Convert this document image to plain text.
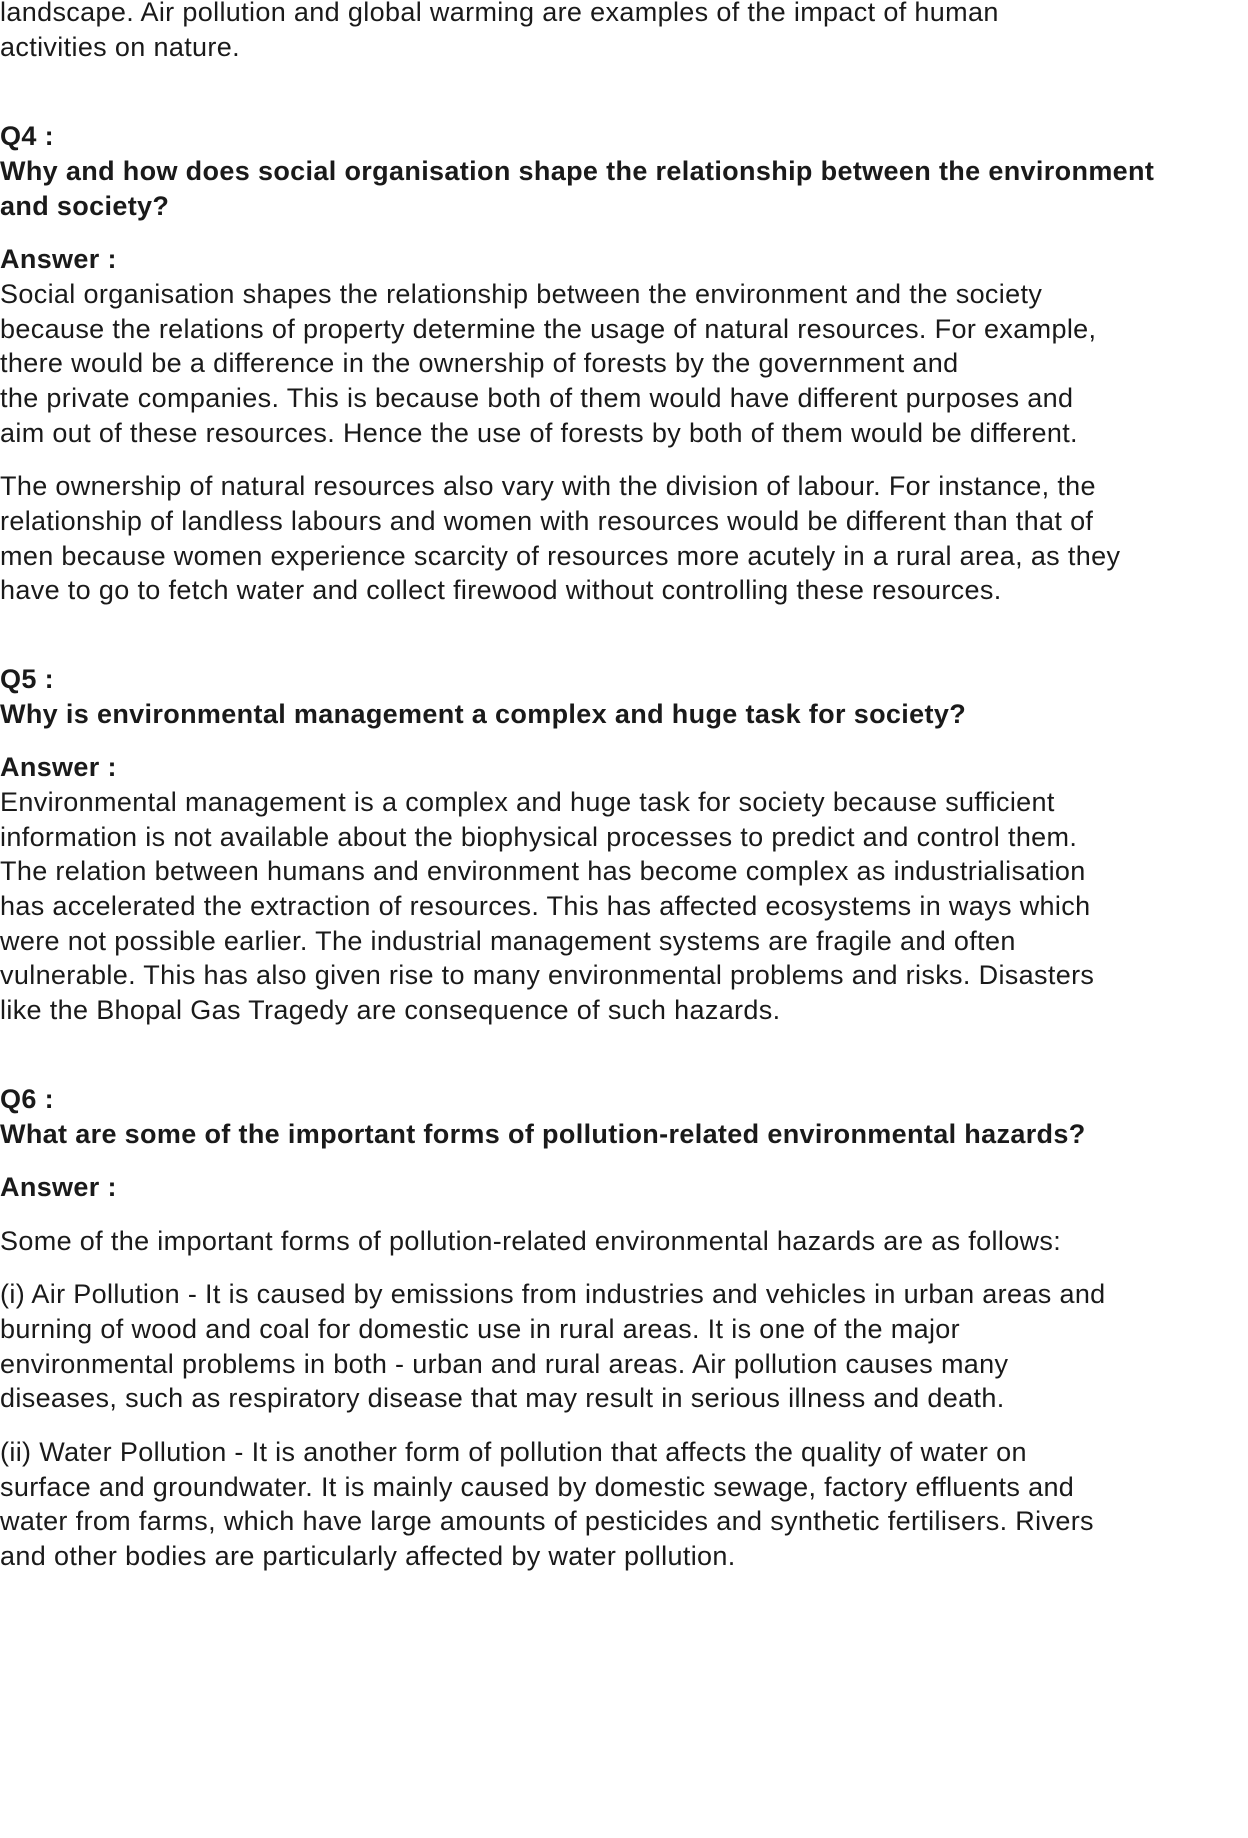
landscape. Air pollution and global warming are examples of the impact of human

activities on nature.

Q4 :

Why and how does social organisation shape the relationship between the environment

and society?

Answer :

Social organisation shapes the relationship between the environment and the society

because the relations of property determine the usage of natural resources. For example,

there would be a difference in the ownership of forests by the government and

the private companies. This is because both of them would have different purposes and

aim out of these resources. Hence the use of forests by both of them would be different.

The ownership of natural resources also vary with the division of labour. For instance, the

relationship of landless labours and women with resources would be different than that of

men because women experience scarcity of resources more acutely in a rural area, as they

have to go to fetch water and collect firewood without controlling these resources.

Q5 :

Why is environmental management a complex and huge task for society?

Answer :

Environmental management is a complex and huge task for society because sufficient

information is not available about the biophysical processes to predict and control them.

The relation between humans and environment has become complex as industrialisation

has accelerated the extraction of resources. This has affected ecosystems in ways which

were not possible earlier. The industrial management systems are fragile and often

vulnerable. This has also given rise to many environmental problems and risks. Disasters

like the Bhopal Gas Tragedy are consequence of such hazards.

Q6 :

What are some of the important forms of pollution-related environmental hazards?

Answer :

Some of the important forms of pollution-related environmental hazards are as follows:

(i) Air Pollution - It is caused by emissions from industries and vehicles in urban areas and

burning of wood and coal for domestic use in rural areas. It is one of the major

environmental problems in both - urban and rural areas. Air pollution causes many

diseases, such as respiratory disease that may result in serious illness and death.

(ii) Water Pollution - It is another form of pollution that affects the quality of water on

surface and groundwater. It is mainly caused by domestic sewage, factory effluents and

water from farms, which have large amounts of pesticides and synthetic fertilisers. Rivers

and other bodies are particularly affected by water pollution.
